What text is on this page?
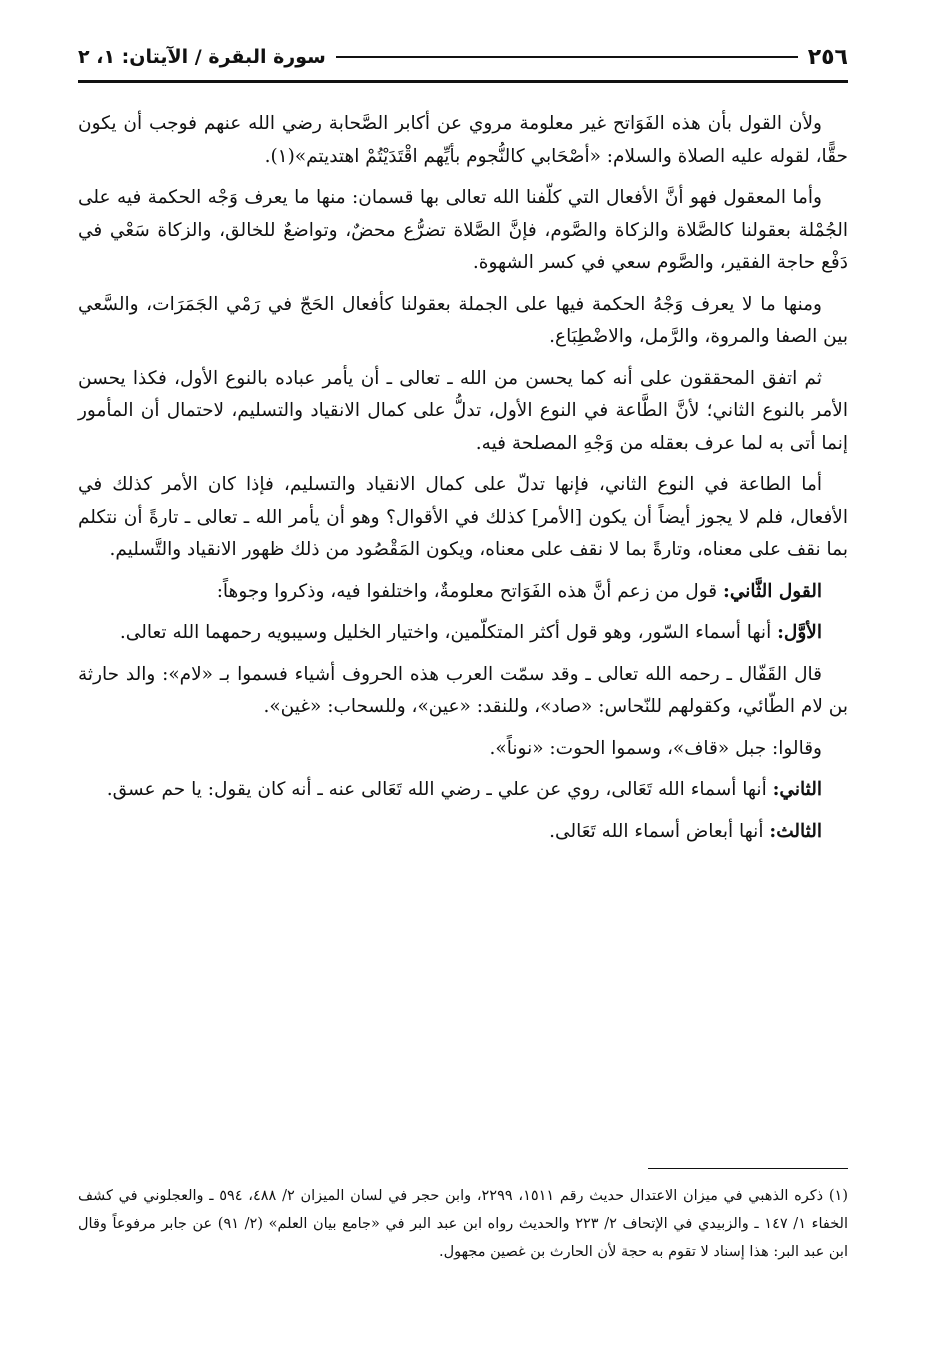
٢٥٦
سورة البقرة / الآيتان: ١، ٢

ولأن القول بأن هذه الفَوَاتح غير معلومة مروي عن أكابر الصَّحابة رضي الله عنهم فوجب أن يكون حقًّا، لقوله عليه الصلاة والسلام: «أصْحَابي كالنُّجوم بأيِّهم اقْتَدَيْتُمْ اهتديتم»(١).

وأما المعقول فهو أنَّ الأفعال التي كلّفنا الله تعالى بها قسمان: منها ما يعرف وَجْه الحكمة فيه على الجُمْلة بعقولنا كالصَّلاة والزكاة والصَّوم، فإنَّ الصَّلاة تضرُّع محضٌ، وتواضعٌ للخالق، والزكاة سَعْي في دَفْع حاجة الفقير، والصَّوم سعي في كسر الشهوة.

ومنها ما لا يعرف وَجْهُ الحكمة فيها على الجملة بعقولنا كأفعال الحَجّ في رَمْي الجَمَرَات، والسَّعي بين الصفا والمروة، والرَّمل، والاضْطِبَاع.

ثم اتفق المحققون على أنه كما يحسن من الله ـ تعالى ـ أن يأمر عباده بالنوع الأول، فكذا يحسن الأمر بالنوع الثاني؛ لأنَّ الطَّاعة في النوع الأول، تدلُّ على كمال الانقياد والتسليم، لاحتمال أن المأمور إنما أتى به لما عرف بعقله من وَجْهِ المصلحة فيه.

أما الطاعة في النوع الثاني، فإنها تدلّ على كمال الانقياد والتسليم، فإذا كان الأمر كذلك في الأفعال، فلم لا يجوز أيضاً أن يكون [الأمر] كذلك في الأقوال؟ وهو أن يأمر الله ـ تعالى ـ تارةً أن نتكلم بما نقف على معناه، وتارةً بما لا نقف على معناه، ويكون المَقْصُود من ذلك ظهور الانقياد والتَّسليم.

القول الثَّاني: قول من زعم أنَّ هذه الفَوَاتح معلومةٌ، واختلفوا فيه، وذكروا وجوهاً:

الأوَّل: أنها أسماء السّور، وهو قول أكثر المتكلّمين، واختيار الخليل وسيبويه رحمهما الله تعالى.

قال القَفّال ـ رحمه الله تعالى ـ وقد سمّت العرب هذه الحروف أشياء فسموا بـ «لام»: والد حارثة بن لام الطّائي، وكقولهم للنّحاس: «صاد»، وللنقد: «عين»، وللسحاب: «غين».

وقالوا: جبل «قاف»، وسموا الحوت: «نوناً».

الثاني: أنها أسماء الله تَعَالى، روي عن علي ـ رضي الله تَعَالى عنه ـ أنه كان يقول: يا حم عسق.

الثالث: أنها أبعاض أسماء الله تَعَالى.

(١) ذكره الذهبي في ميزان الاعتدال حديث رقم ١٥١١، ٢٢٩٩، وابن حجر في لسان الميزان ٢/ ٤٨٨، ٥٩٤ ـ والعجلوني في كشف الخفاء ١/ ١٤٧ ـ والزبيدي في الإتحاف ٢/ ٢٢٣ والحديث رواه ابن عبد البر في «جامع بيان العلم» (٢/ ٩١) عن جابر مرفوعاً وقال ابن عبد البر: هذا إسناد لا تقوم به حجة لأن الحارث بن غصين مجهول.
